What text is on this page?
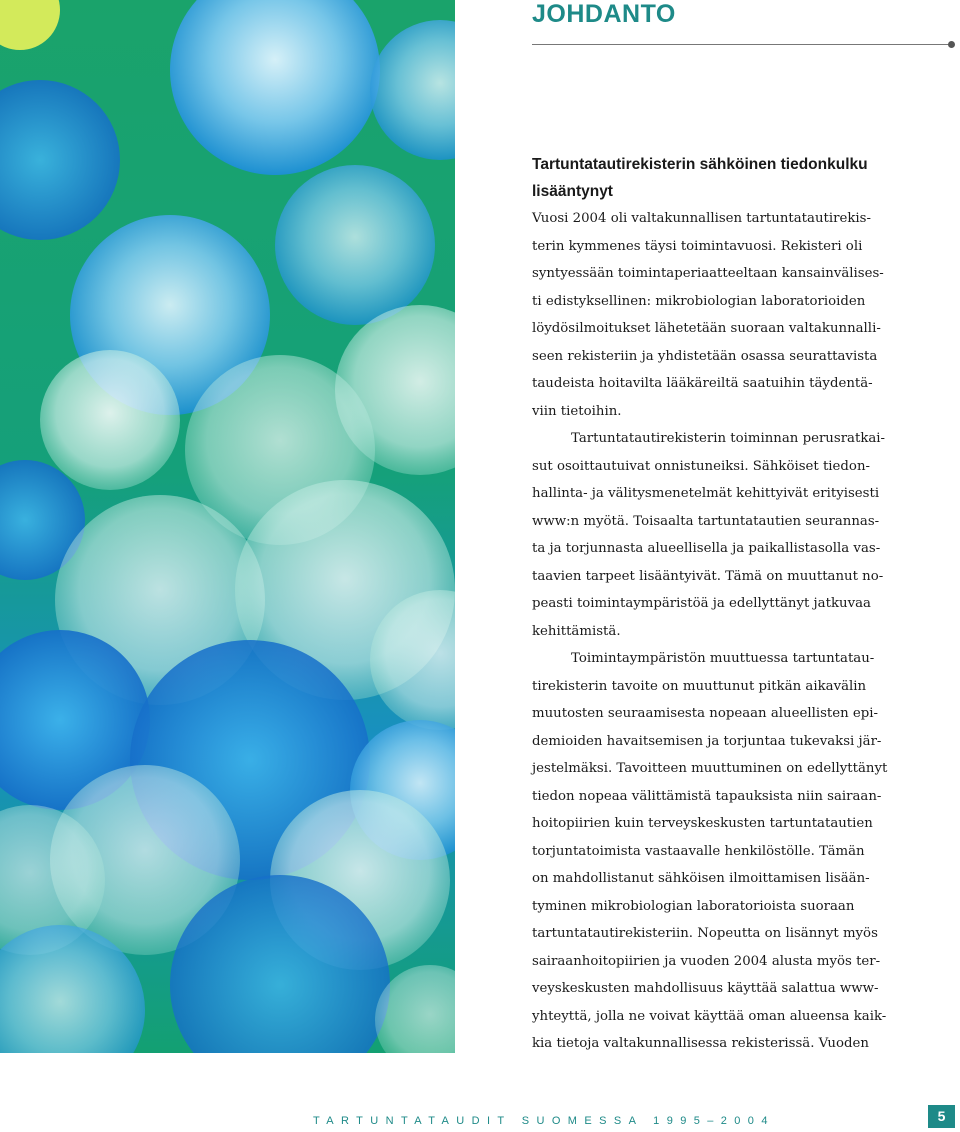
JOHDANTO
Tartuntatautirekisterin sähköinen tiedonkulku lisääntynyt
Vuosi 2004 oli valtakunnallisen tartuntatautirekis-
terin kymmenes täysi toimintavuosi. Rekisteri oli
syntyessään toimintaperiaatteeltaan kansainvälises-
ti edistyksellinen: mikrobiologian laboratorioiden
löydösilmoitukset lähetetään suoraan valtakunnalli-
seen rekisteriin ja yhdistetään osassa seurattavista
taudeista hoitavilta lääkäreiltä saatuihin täydentä-
viin tietoihin.
Tartuntatautirekisterin toiminnan perusratkai-
sut osoittautuivat onnistuneiksi. Sähköiset tiedon-
hallinta- ja välitysmenetelmät kehittyivät erityisesti
www:n myötä. Toisaalta tartuntatautien seurannas-
ta ja torjunnasta alueellisella ja paikallistasolla vas-
taavien tarpeet lisääntyivät. Tämä on muuttanut no-
peasti toimintaympäristöä ja edellyttänyt jatkuvaa
kehittämistä.
Toimintaympäristön muuttuessa tartuntatau-
tirekisterin tavoite on muuttunut pitkän aikavälin
muutosten seuraamisesta nopeaan alueellisten epi-
demioiden havaitsemisen ja torjuntaa tukevaksi jär-
jestelmäksi. Tavoitteen muuttuminen on edellyttänyt
tiedon nopeaa välittämistä tapauksista niin sairaan-
hoitopiirien kuin terveyskeskusten tartuntatautien
torjuntatoimista vastaavalle henkilöstölle. Tämän
on mahdollistanut sähköisen ilmoittamisen lisään-
tyminen mikrobiologian laboratorioista suoraan
tartuntatautirekisteriin. Nopeutta on lisännyt myös
sairaanhoitopiirien ja vuoden 2004 alusta myös ter-
veyskeskusten mahdollisuus käyttää salattua www-
yhteyttä, jolla ne voivat käyttää oman alueensa kaik-
kia tietoja valtakunnallisessa rekisterissä. Vuoden
TARTUNTATAUDIT SUOMESSA 1995–2004	5
